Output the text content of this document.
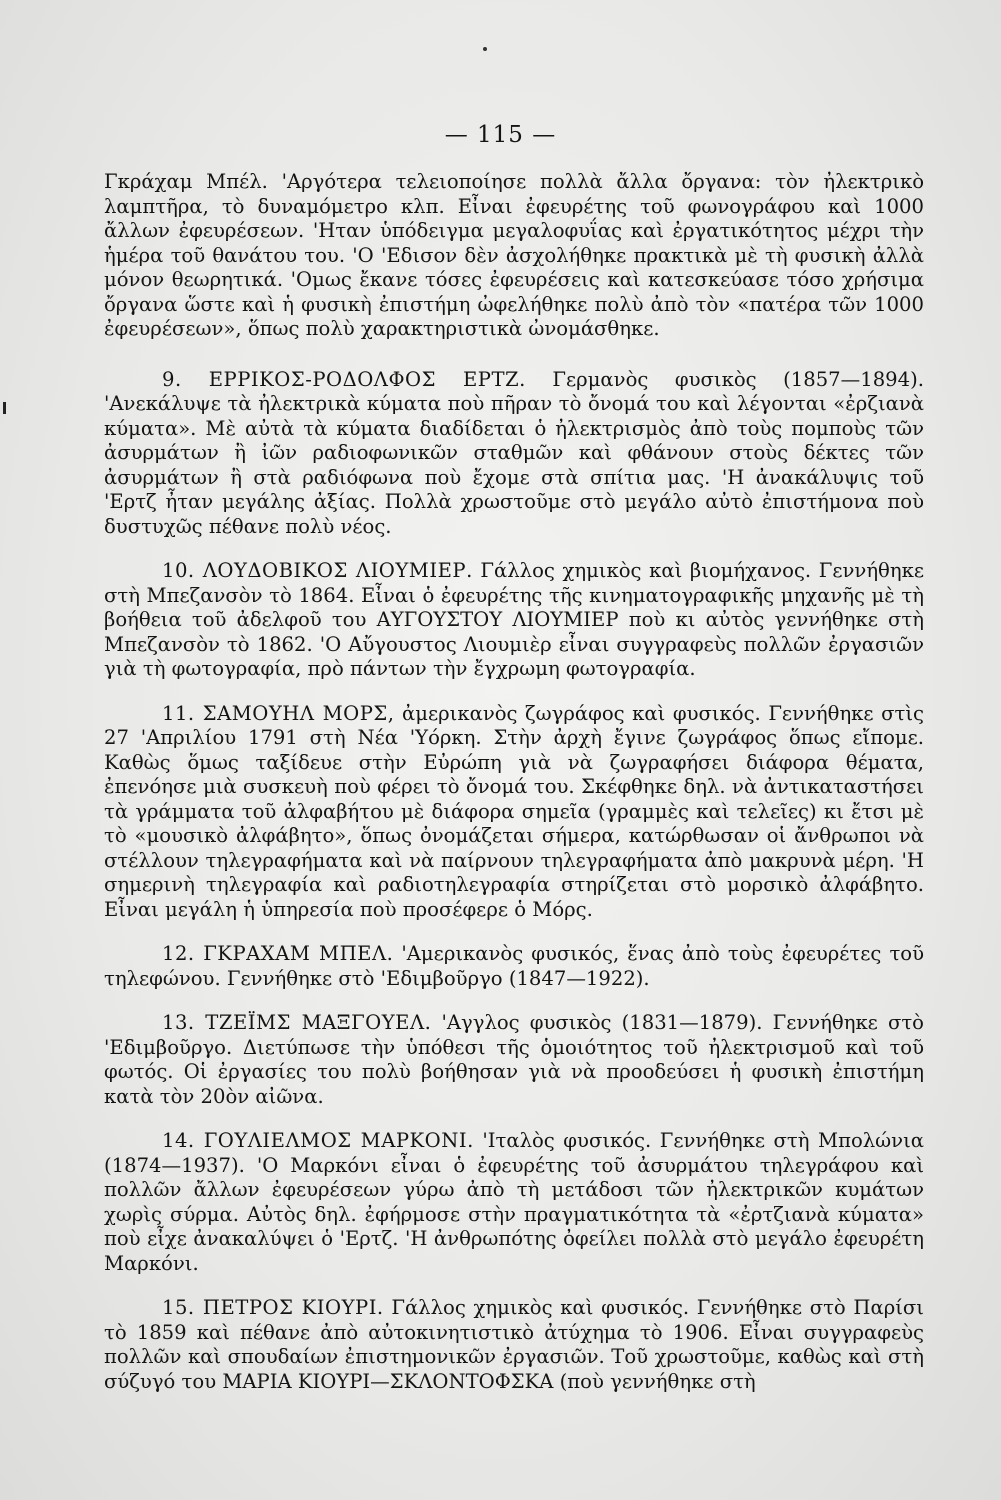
— 115 —

Γκράχαμ Μπέλ. 'Αργότερα τελειοποίησε πολλὰ ἄλλα ὄργανα: τὸν ἠλεκτρικὸ λαμπτῆρα, τὸ δυναμόμετρο κλπ. Εἶναι ἐφευρέτης τοῦ φωνογράφου καὶ 1000 ἄλλων ἐφευρέσεων. 'Ηταν ὑπόδειγμα μεγαλοφυΐας καὶ ἐργατικότητος μέχρι τὴν ἡμέρα τοῦ θανάτου του. 'Ο 'Εδισον δὲν ἀσχολήθηκε πρακτικὰ μὲ τὴ φυσικὴ ἀλλὰ μόνον θεωρητικά. 'Ομως ἔκανε τόσες ἐφευρέσεις καὶ κατεσκεύασε τόσο χρήσιμα ὄργανα ὥστε καὶ ἡ φυσικὴ ἐπιστήμη ὠφελήθηκε πολὺ ἀπὸ τὸν «πατέρα τῶν 1000 ἐφευρέσεων», ὅπως πολὺ χαρακτηριστικὰ ὠνομάσθηκε.

9. ΕΡΡΙΚΟΣ-ΡΟΔΟΛΦΟΣ ΕΡΤΖ. Γερμανὸς φυσικὸς (1857—1894). 'Ανεκάλυψε τὰ ἠλεκτρικὰ κύματα ποὺ πῆραν τὸ ὄνομά του καὶ λέγονται «ἐρζιανὰ κύματα». Μὲ αὐτὰ τὰ κύματα διαδίδεται ὁ ἠλεκτρισμὸς ἀπὸ τοὺς πομποὺς τῶν ἀσυρμάτων ἢ ἰῶν ραδιοφωνικῶν σταθμῶν καὶ φθάνουν στοὺς δέκτες τῶν ἀσυρμάτων ἢ στὰ ραδιόφωνα ποὺ ἔχομε στὰ σπίτια μας. 'Η ἀνακάλυψις τοῦ 'Ερτζ ἦταν μεγάλης ἀξίας. Πολλὰ χρωστοῦμε στὸ μεγάλο αὐτὸ ἐπιστήμονα ποὺ δυστυχῶς πέθανε πολὺ νέος.

10. ΛΟΥΔΟΒΙΚΟΣ ΛΙΟΥΜΙΕΡ. Γάλλος χημικὸς καὶ βιομήχανος. Γεννήθηκε στὴ Μπεζανσὸν τὸ 1864. Εἶναι ὁ ἐφευρέτης τῆς κινηματογραφικῆς μηχανῆς μὲ τὴ βοήθεια τοῦ ἀδελφοῦ του ΑΥΓΟΥΣΤΟΥ ΛΙΟΥΜΙΕΡ ποὺ κι αὐτὸς γεννήθηκε στὴ Μπεζανσὸν τὸ 1862. 'Ο Αὔγουστος Λιουμιὲρ εἶναι συγγραφεὺς πολλῶν ἐργασιῶν γιὰ τὴ φωτογραφία, πρὸ πάντων τὴν ἔγχρωμη φωτογραφία.

11. ΣΑΜΟΥΗΛ ΜΟΡΣ, ἀμερικανὸς ζωγράφος καὶ φυσικός. Γεννήθηκε στὶς 27 'Απριλίου 1791 στὴ Νέα 'Υόρκη. Στὴν ἀρχὴ ἔγινε ζωγράφος ὅπως εἴπομε. Καθὼς ὅμως ταξίδευε στὴν Εὐρώπη γιὰ νὰ ζωγραφήσει διάφορα θέματα, ἐπενόησε μιὰ συσκευὴ ποὺ φέρει τὸ ὄνομά του. Σκέφθηκε δηλ. νὰ ἀντικαταστήσει τὰ γράμματα τοῦ ἀλφαβήτου μὲ διάφορα σημεῖα (γραμμὲς καὶ τελεῖες) κι ἔτσι μὲ τὸ «μουσικὸ ἀλφάβητο», ὅπως ὀνομάζεται σήμερα, κατώρθωσαν οἱ ἄνθρωποι νὰ στέλλουν τηλεγραφήματα καὶ νὰ παίρνουν τηλεγραφήματα ἀπὸ μακρυνὰ μέρη. 'Η σημερινὴ τηλεγραφία καὶ ραδιοτηλεγραφία στηρίζεται στὸ μορσικὸ ἀλφάβητο. Εἶναι μεγάλη ἡ ὑπηρεσία ποὺ προσέφερε ὁ Μόρς.

12. ΓΚΡΑΧΑΜ ΜΠΕΛ. 'Αμερικανὸς φυσικός, ἕνας ἀπὸ τοὺς ἐφευρέτες τοῦ τηλεφώνου. Γεννήθηκε στὸ 'Εδιμβοῦργο (1847—1922).

13. ΤΖΕΪΜΣ ΜΑΞΓΟΥΕΛ. 'Αγγλος φυσικὸς (1831—1879). Γεννήθηκε στὸ 'Εδιμβοῦργο. Διετύπωσε τὴν ὑπόθεσι τῆς ὁμοιότητος τοῦ ἠλεκτρισμοῦ καὶ τοῦ φωτός. Οἱ ἐργασίες του πολὺ βοήθησαν γιὰ νὰ προοδεύσει ἡ φυσικὴ ἐπιστήμη κατὰ τὸν 20ὸν αἰῶνα.

14. ΓΟΥΛΙΕΛΜΟΣ ΜΑΡΚΟΝΙ. 'Ιταλὸς φυσικός. Γεννήθηκε στὴ Μπολώνια (1874—1937). 'Ο Μαρκόνι εἶναι ὁ ἐφευρέτης τοῦ ἀσυρμάτου τηλεγράφου καὶ πολλῶν ἄλλων ἐφευρέσεων γύρω ἀπὸ τὴ μετάδοσι τῶν ἠλεκτρικῶν κυμάτων χωρὶς σύρμα. Αὐτὸς δηλ. ἐφήρμοσε στὴν πραγματικότητα τὰ «ἐρτζιανὰ κύματα» ποὺ εἶχε ἀνακαλύψει ὁ 'Ερτζ. 'Η ἀνθρωπότης ὀφείλει πολλὰ στὸ μεγάλο ἐφευρέτη Μαρκόνι.

15. ΠΕΤΡΟΣ ΚΙΟΥΡΙ. Γάλλος χημικὸς καὶ φυσικός. Γεννήθηκε στὸ Παρίσι τὸ 1859 καὶ πέθανε ἀπὸ αὐτοκινητιστικὸ ἀτύχημα τὸ 1906. Εἶναι συγγραφεὺς πολλῶν καὶ σπουδαίων ἐπιστημονικῶν ἐργασιῶν. Τοῦ χρωστοῦμε, καθὼς καὶ στὴ σύζυγό του ΜΑΡΙΑ ΚΙΟΥΡΙ—ΣΚΛΟΝΤΟΦΣΚΑ (ποὺ γεννήθηκε στὴ
